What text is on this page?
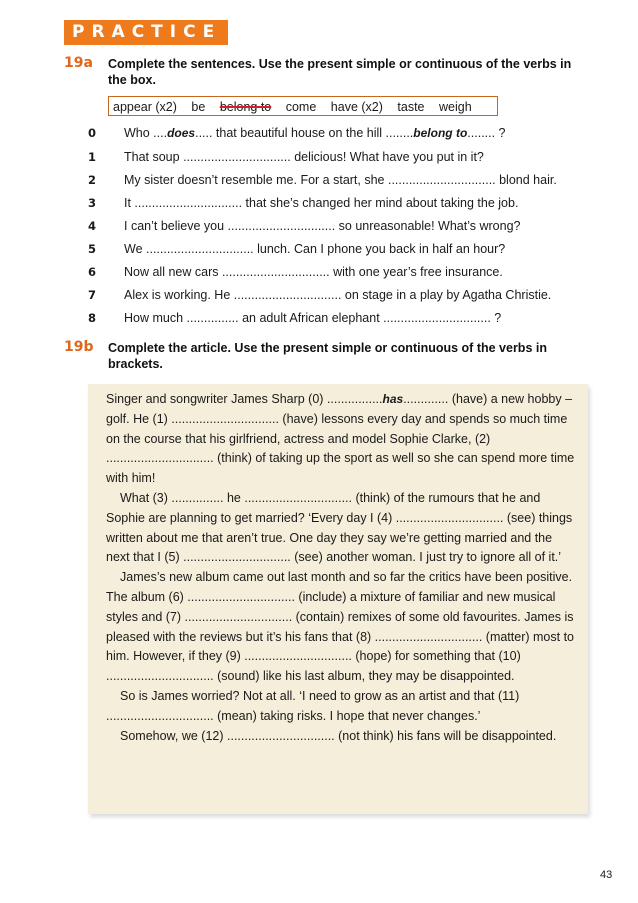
PRACTICE
19a Complete the sentences. Use the present simple or continuous of the verbs in the box.
appear (x2) be belong to come have (x2) taste weigh
0 Who ....does..... that beautiful house on the hill ........belong to........ ?
1 That soup ............................... delicious! What have you put in it?
2 My sister doesn’t resemble me. For a start, she ............................... blond hair.
3 It ............................... that she’s changed her mind about taking the job.
4 I can’t believe you ............................... so unreasonable! What’s wrong?
5 We ............................... lunch. Can I phone you back in half an hour?
6 Now all new cars ............................... with one year’s free insurance.
7 Alex is working. He ............................... on stage in a play by Agatha Christie.
8 How much ............... an adult African elephant ............................... ?
19b Complete the article. Use the present simple or continuous of the verbs in brackets.

Singer and songwriter James Sharp (0) ................has............. (have) a new hobby – golf. He (1) ............................... (have) lessons every day and spends so much time on the course that his girlfriend, actress and model Sophie Clarke, (2) ............................... (think) of taking up the sport as well so she can spend more time with him!

What (3) ............... he ............................... (think) of the rumours that he and Sophie are planning to get married? ‘Every day I (4) ............................... (see) things written about me that aren’t true. One day they say we’re getting married and the next that I (5) ............................... (see) another woman. I just try to ignore all of it.’

James’s new album came out last month and so far the critics have been positive. The album (6) ............................... (include) a mixture of familiar and new musical styles and (7) ............................... (contain) remixes of some old favourites. James is pleased with the reviews but it’s his fans that (8) ............................... (matter) most to him. However, if they (9) ............................... (hope) for something that (10) ............................... (sound) like his last album, they may be disappointed.

So is James worried? Not at all. ‘I need to grow as an artist and that (11) ............................... (mean) taking risks. I hope that never changes.’

Somehow, we (12) ............................... (not think) his fans will be disappointed.

43
